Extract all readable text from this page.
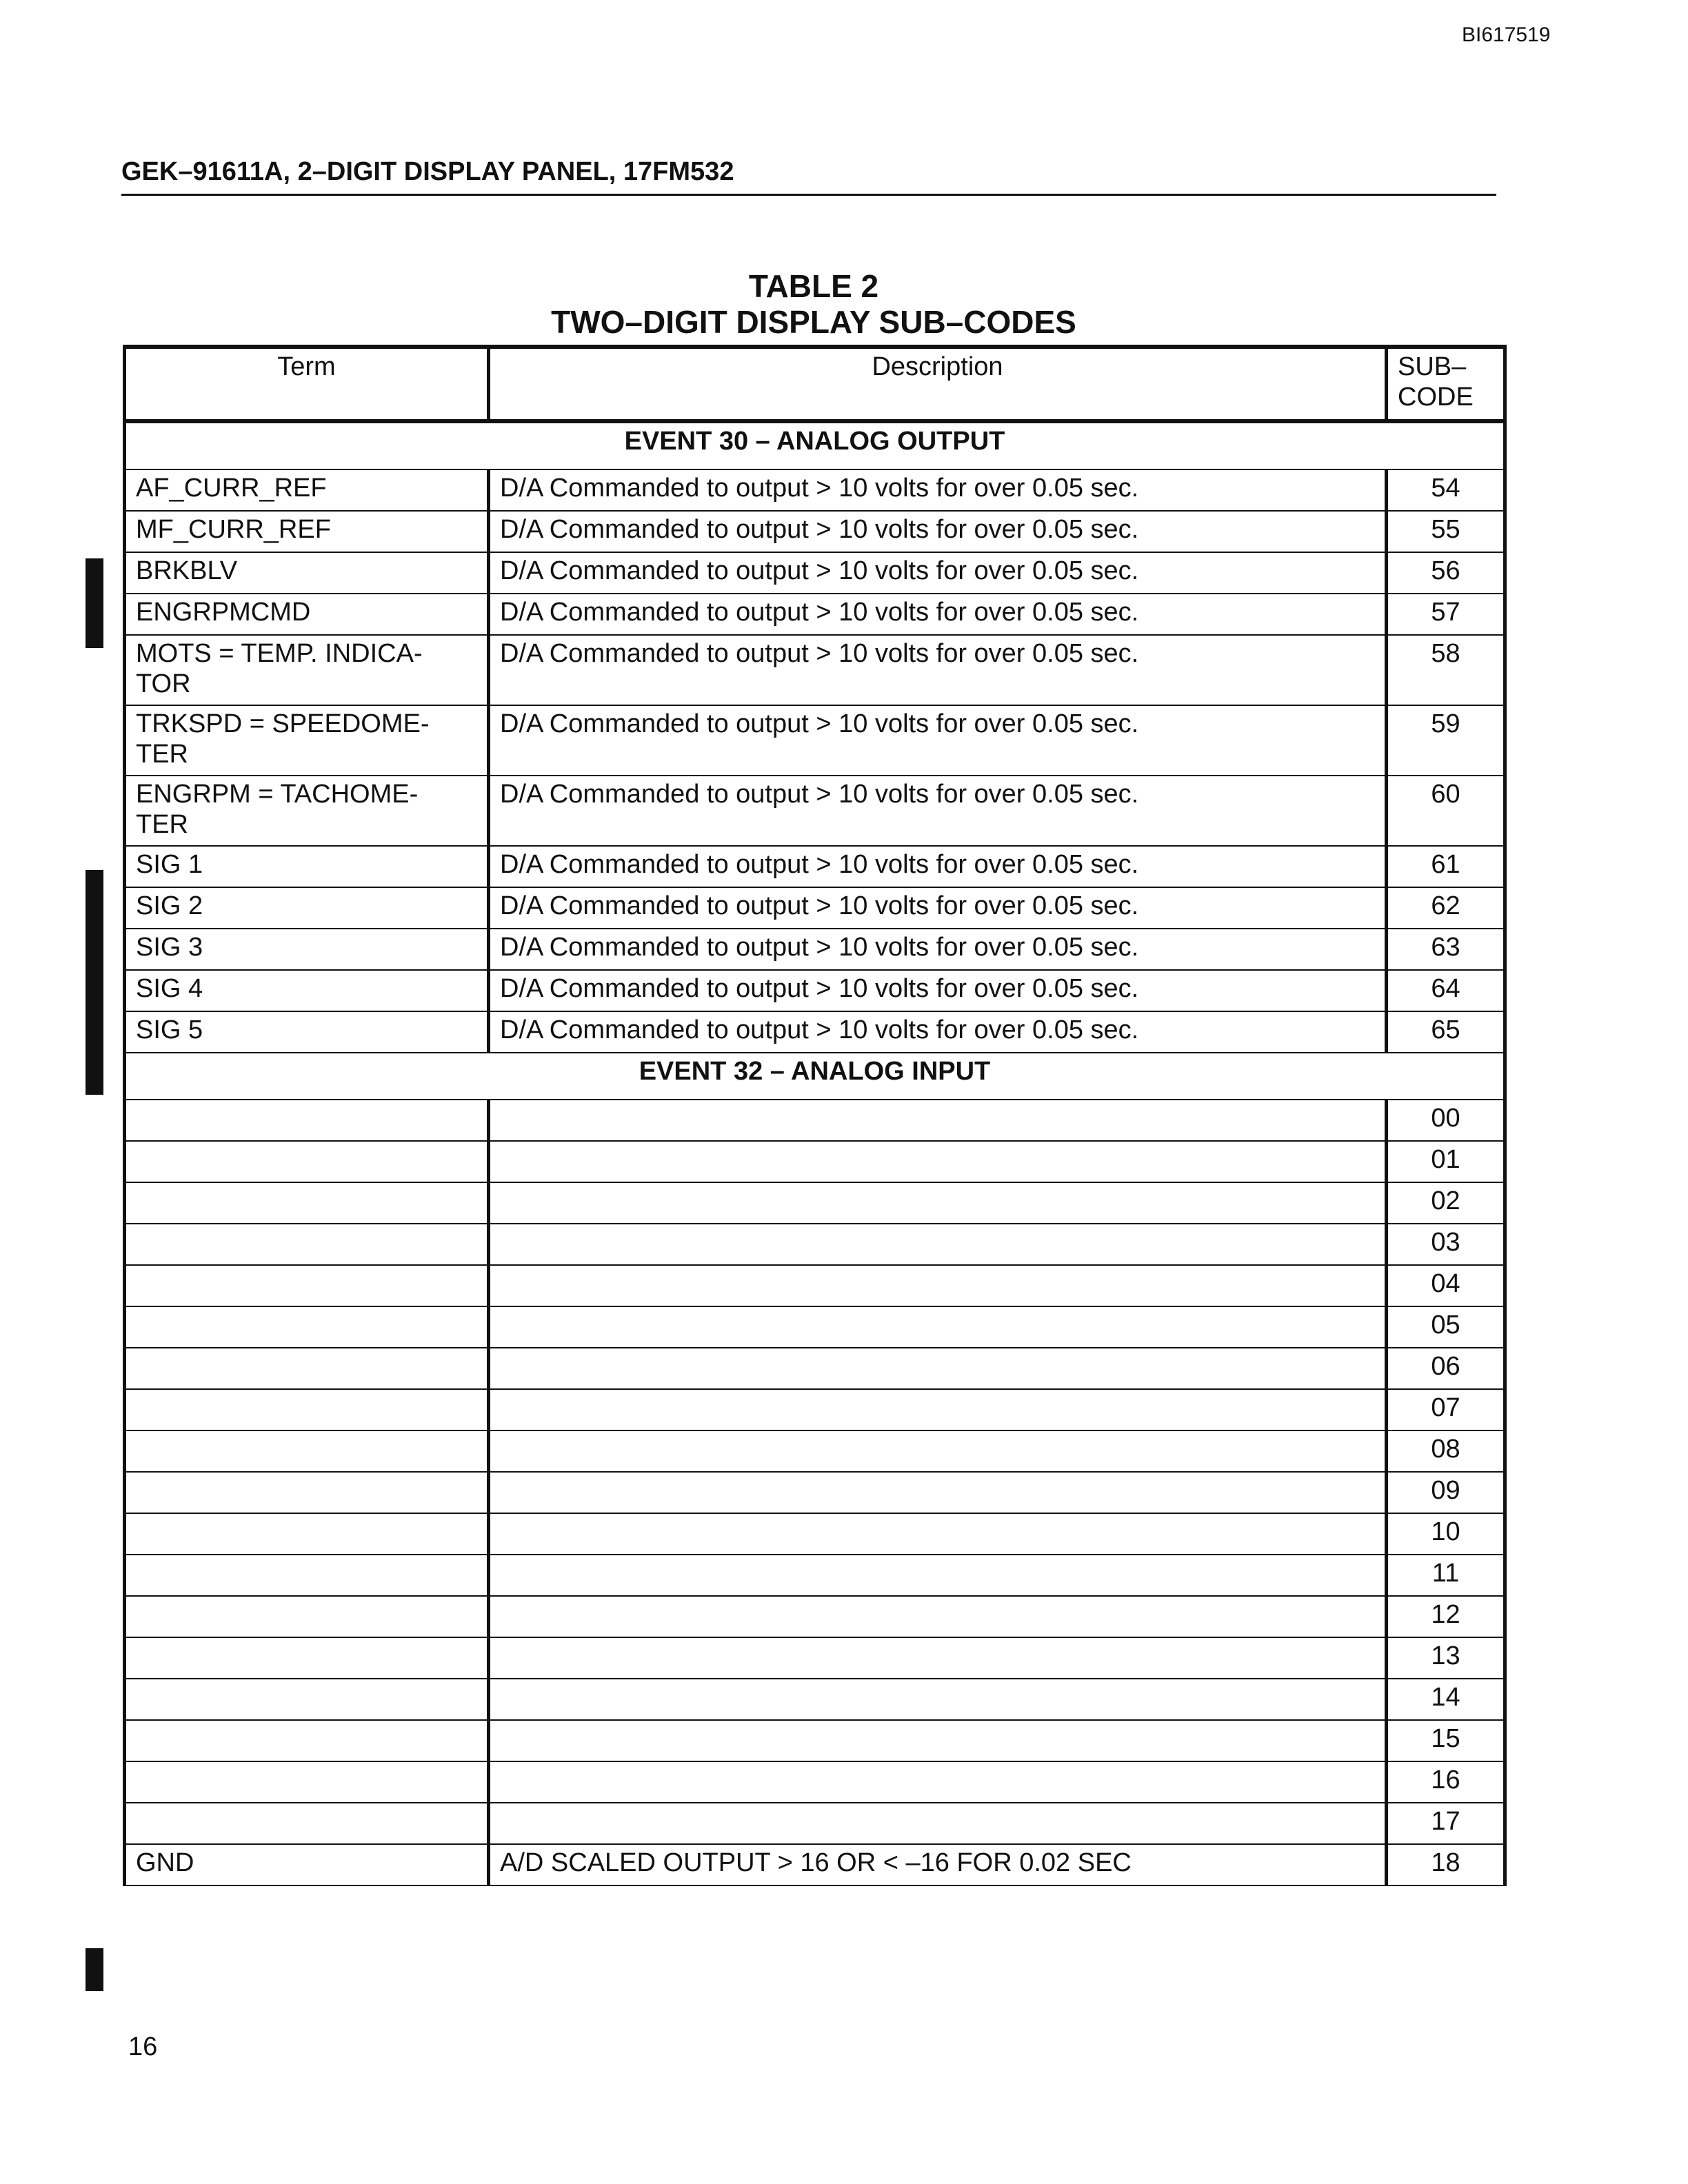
BI617519
GEK–91611A, 2–DIGIT DISPLAY PANEL, 17FM532
TABLE 2
TWO–DIGIT DISPLAY SUB–CODES
Term	Description	SUB–
CODE
EVENT 30 – ANALOG OUTPUT		
AF_CURR_REF	D/A Commanded to output > 10 volts for over 0.05 sec.	54
MF_CURR_REF	D/A Commanded to output > 10 volts for over 0.05 sec.	55
BRKBLV	D/A Commanded to output > 10 volts for over 0.05 sec.	56
ENGRPMCMD	D/A Commanded to output > 10 volts for over 0.05 sec.	57
MOTS = TEMP. INDICA-
TOR	D/A Commanded to output > 10 volts for over 0.05 sec.	58
TRKSPD = SPEEDOME-
TER	D/A Commanded to output > 10 volts for over 0.05 sec.	59
ENGRPM = TACHOME-
TER	D/A Commanded to output > 10 volts for over 0.05 sec.	60
SIG 1	D/A Commanded to output > 10 volts for over 0.05 sec.	61
SIG 2	D/A Commanded to output > 10 volts for over 0.05 sec.	62
SIG 3	D/A Commanded to output > 10 volts for over 0.05 sec.	63
SIG 4	D/A Commanded to output > 10 volts for over 0.05 sec.	64
SIG 5	D/A Commanded to output > 10 volts for over 0.05 sec.	65
EVENT 32 – ANALOG INPUT		
		00
		01
		02
		03
		04
		05
		06
		07
		08
		09
		10
		11
		12
		13
		14
		15
		16
		17
GND	A/D SCALED OUTPUT > 16 OR < –16 FOR 0.02 SEC	18
16
